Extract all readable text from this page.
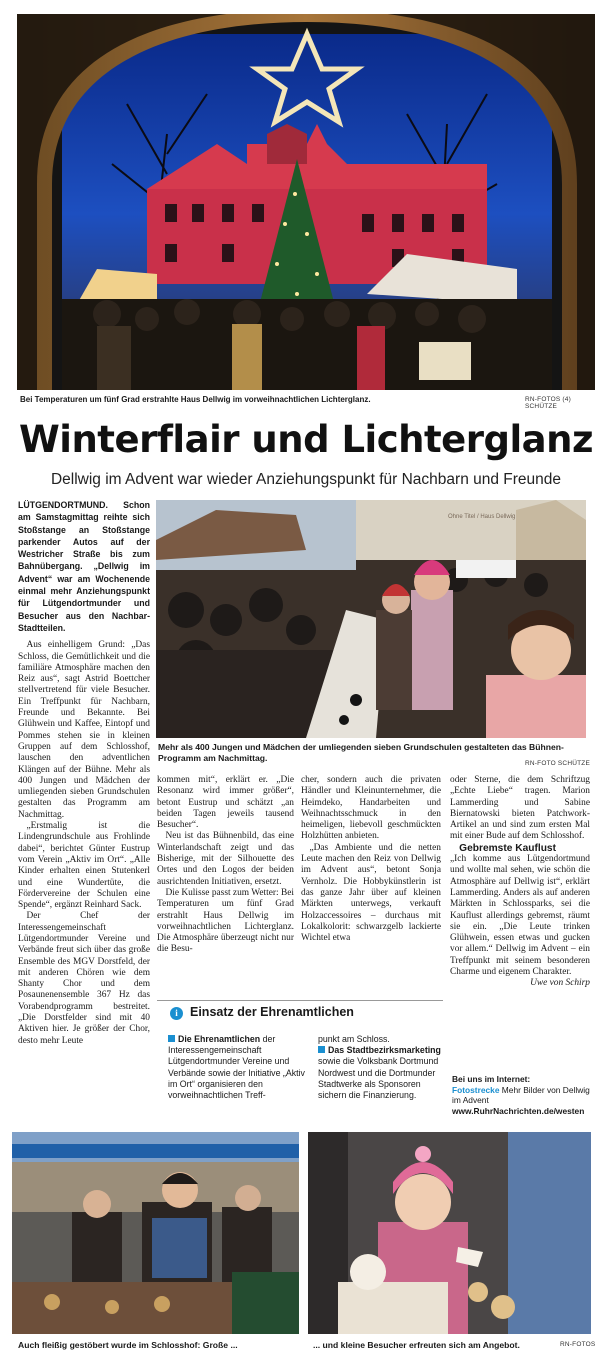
Bei Temperaturen um fünf Grad erstrahlte Haus Dellwig im vorweihnachtlichen Lichterglanz.	RN-FOTOS (4) SCHÜTZE
Winterflair und Lichterglanz
Dellwig im Advent war wieder Anziehungspunkt für Nachbarn und Freunde

LÜTGENDORTMUND. Schon am Samstagmittag reihte sich Stoßstange an Stoßstange parkender Autos auf der Westricher Straße bis zum Bahnübergang. „Dellwig im Advent“ war am Wochenende einmal mehr Anziehungspunkt für Lütgendortmunder und Besucher aus den Nachbar-Stadtteilen.

Aus einhelligem Grund: „Das Schloss, die Gemütlichkeit und die familiäre Atmosphäre machen den Reiz aus“, sagt Astrid Boettcher stellvertretend für viele Besucher. Ein Treffpunkt für Nachbarn, Freunde und Bekannte. Bei Glühwein und Kaffee, Eintopf und Pommes stehen sie in kleinen Gruppen auf dem Schlosshof, lauschen den adventlichen Klängen auf der Bühne. Mehr als 400 Jungen und Mädchen der umliegenden sieben Grundschulen gestalten das Programm am Nachmittag.

„Erstmalig ist die Lindengrundschule aus Frohlinde dabei“, berichtet Günter Eustrup vom Verein „Aktiv im Ort“. „Alle Kinder erhalten einen Stutenkerl und eine Wundertüte, die Fördervereine der Schulen eine Spende“, ergänzt Reinhard Sack.

Der Chef der Interessengemeinschaft Lütgendortmunder Vereine und Verbände freut sich über das große Ensemble des MGV Dorstfeld, der mit anderen Chören wie dem Shanty Chor und dem Posaunenensemble 367 Hz das Vorabendprogramm bestreitet. „Die Dorstfelder sind mit 40 Aktiven hier. Je größer der Chor, desto mehr Leute

Ohne Titel / Haus Dellwig
Mehr als 400 Jungen und Mädchen der umliegenden sieben Grundschulen gestalteten das Bühnen-Programm am Nachmittag.
RN-FOTO SCHÜTZE

kommen mit“, erklärt er. „Die Resonanz wird immer größer“, betont Eustrup und schätzt „an beiden Tagen jeweils tausend Besucher“.

Neu ist das Bühnenbild, das eine Winterlandschaft zeigt und das Bisherige, mit der Silhouette des Ortes und den Logos der beiden ausrichtenden Initiativen, ersetzt.

Die Kulisse passt zum Wetter: Bei Temperaturen um fünf Grad erstrahlt Haus Dellwig im vorweihnachtlichen Lichterglanz. Die Atmosphäre überzeugt nicht nur die Besu-

cher, sondern auch die privaten Händler und Kleinunternehmer, die Heimdeko, Handarbeiten und Weihnachtsschmuck in den heimeligen, liebevoll geschmückten Holzhütten anbieten.

„Das Ambiente und die netten Leute machen den Reiz von Dellwig im Advent aus“, betont Sonja Vernholz. Die Hobbykünstlerin ist das ganze Jahr über auf kleinen Märkten unterwegs, verkauft Holzaccessoires – durchaus mit Lokalkolorit: schwarzgelb lackierte Wichtel etwa

oder Sterne, die dem Schriftzug „Echte Liebe“ tragen. Marion Lammerding und Sabine Biernatowski bieten Patchwork-Artikel an und sind zum ersten Mal mit einer Bude auf dem Schlosshof.

Gebremste Kauflust

„Ich komme aus Lütgendortmund und wollte mal sehen, wie schön die Atmosphäre auf Dellwig ist“, erklärt Lammerding. Anders als auf anderen Märkten in Schlossparks, sei die Kauflust allerdings gebremst, räumt sie ein. „Die Leute trinken Glühwein, essen etwas und gucken vor allem.“ Dellwig im Advent – ein Treffpunkt mit seinem besonderen Charme und eigenem Charakter.

Uwe von Schirp

i Einsatz der Ehrenamtlichen

Die Ehrenamtlichen der Interessengemeinschaft Lütgendortmunder Vereine und Verbände sowie der Initiative „Aktiv im Ort“ organisieren den vorweihnachtlichen Treff-

punkt am Schloss.

Das Stadtbezirksmarketing sowie die Volksbank Dortmund Nordwest und die Dortmunder Stadtwerke als Sponsoren sichern die Finanzierung.

Bei uns im Internet:
Fotostrecke Mehr Bilder von Dellwig im Advent
www.RuhrNachrichten.de/westen
Auch fleißig gestöbert wurde im Schlosshof: Große ...	... und kleine Besucher erfreuten sich am Angebot.	RN-FOTOS
